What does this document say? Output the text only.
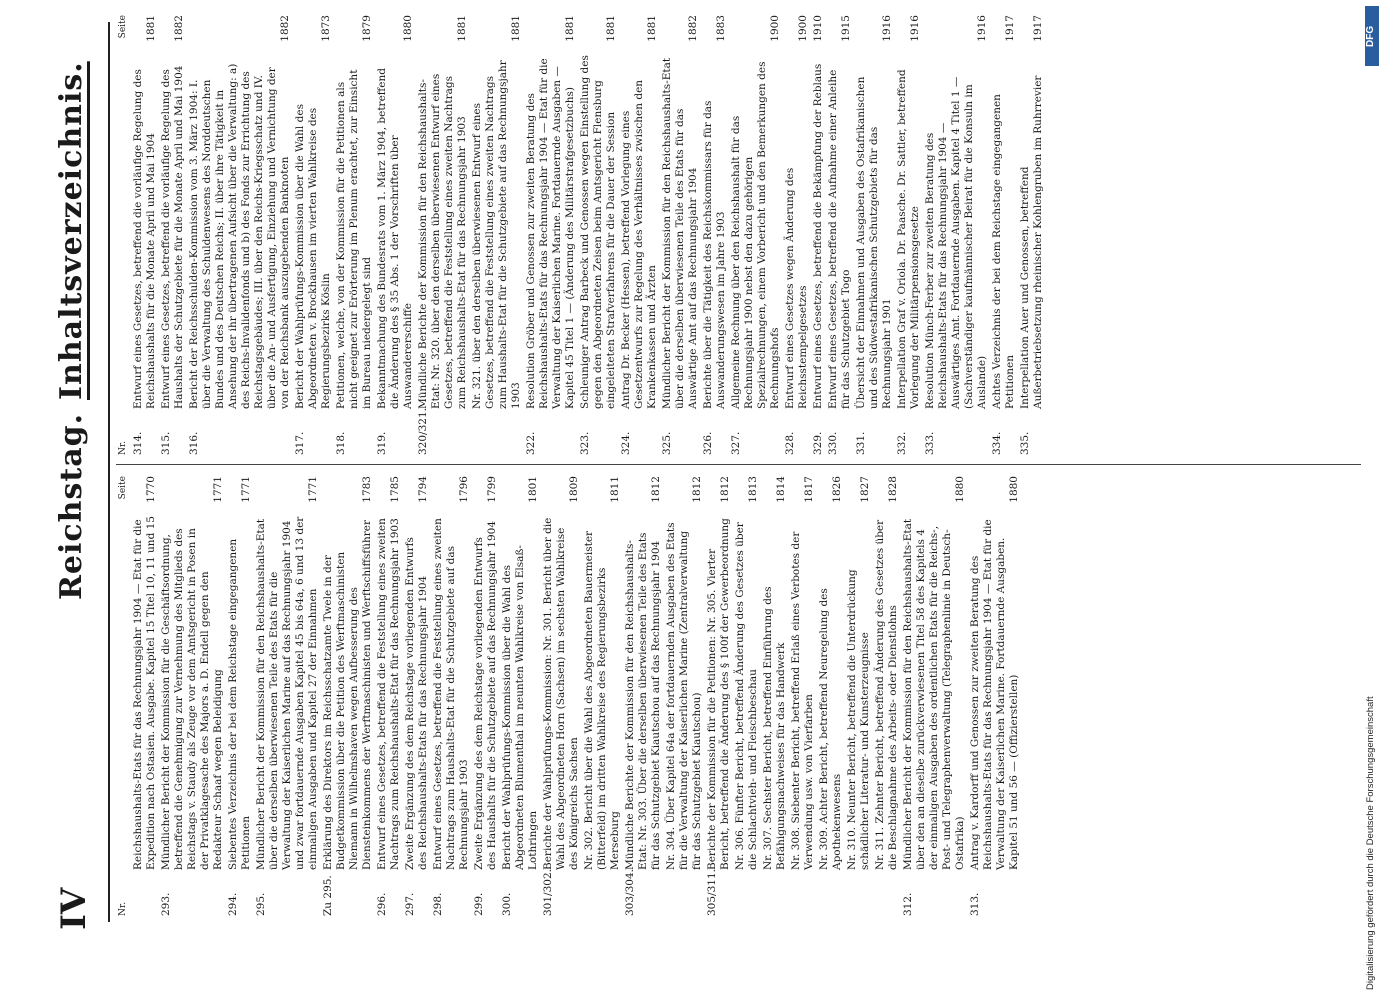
IV
Reichstag.
Inhaltsverzeichnis.
Nr.
Seite
Reichshaushalts-Etats für das Rechnungsjahr 1904 — Etat für die Expedition nach Ostasien. Ausgabe. Kapitel 15 Titel 10, 11 und 15
1770
293.
Mündlicher Bericht der Kommission für die Geschäftsordnung, betreffend die Genehmigung zur Vernehmung des Mitglieds des Reichstags v. Staudy als Zeuge vor dem Amtsgericht in Posen in der Privatklagesache des Majors a. D. Endell gegen den Redakteur Schaaf wegen Beleidigung
1771
294.
Siebentes Verzeichnis der bei dem Reichstage eingegangenen Petitionen
1771
295.
Mündlicher Bericht der Kommission für den Reichshaushalts-Etat über die derselben überwiesenen Teile des Etats für die Verwaltung der Kaiserlichen Marine auf das Rechnungsjahr 1904 und zwar fortdauernde Ausgaben Kapitel 45 bis 64a, 6 und 13 der einmaligen Ausgaben und Kapitel 27 der Einnahmen
1771
Zu 295.
Erklärung des Direktors im Reichsschatzamte Twele in der Budgetkommission über die Petition des Werftmaschinisten Niemann in Wilhelmshaven wegen Aufbesserung des Diensteinkommens der Werftmaschinisten und Werftschiffsführer
1783
296.
Entwurf eines Gesetzes, betreffend die Feststellung eines zweiten Nachtrags zum Reichshaushalts-Etat für das Rechnungsjahr 1903
1785
297.
Zweite Ergänzung des dem Reichstage vorliegenden Entwurfs des Reichshaushalts-Etats für das Rechnungsjahr 1904
1794
298.
Entwurf eines Gesetzes, betreffend die Feststellung eines zweiten Nachtrags zum Haushalts-Etat für die Schutzgebiete auf das Rechnungsjahr 1903
1796
299.
Zweite Ergänzung des dem Reichstage vorliegenden Entwurfs des Haushalts für die Schutzgebiete auf das Rechnungsjahr 1904
1799
300.
Bericht der Wahlprüfungs-Kommission über die Wahl des Abgeordneten Blumenthal im neunten Wahlkreise von Elsaß-Lothringen
1801
301/302.
Berichte der Wahlprüfungs-Kommission: Nr. 301. Bericht über die Wahl des Abgeordneten Horn (Sachsen) im sechsten Wahlkreise des Königreichs Sachsen
1809
Nr. 302. Bericht über die Wahl des Abgeordneten Bauermeister (Bitterfeld) im dritten Wahlkreise des Regierungsbezirks Merseburg
1811
303/304.
Mündliche Berichte der Kommission für den Reichshaushalts-Etat: Nr. 303. Über die derselben überwiesenen Teile des Etats für das Schutzgebiet Kiautschou auf das Rechnungsjahr 1904
1812
Nr. 304. Über Kapitel 64a der fortdauernden Ausgaben des Etats für die Verwaltung der Kaiserlichen Marine (Zentralverwaltung für das Schutzgebiet Kiautschou)
1812
305/311.
Berichte der Kommission für die Petitionen: Nr. 305. Vierter Bericht, betreffend die Änderung des § 100f der Gewerbeordnung
1812
Nr. 306. Fünfter Bericht, betreffend Änderung des Gesetzes über die Schlachtvieh- und Fleischbeschau
1813
Nr. 307. Sechster Bericht, betreffend Einführung des Befähigungsnachweises für das Handwerk
1814
Nr. 308. Siebenter Bericht, betreffend Erlaß eines Verbotes der Verwendung usw. von Vierfarben
1817
Nr. 309. Achter Bericht, betreffend Neuregelung des Apothekenwesens
1826
Nr. 310. Neunter Bericht, betreffend die Unterdrückung schädlicher Literatur- und Kunsterzeugnisse
1827
Nr. 311. Zehnter Bericht, betreffend Änderung des Gesetzes über die Beschlagnahme des Arbeits- oder Dienstlohns
1828
312.
Mündlicher Bericht der Kommission für den Reichshaushalts-Etat über den an dieselbe zurückverwiesenen Titel 58 des Kapitels 4 der einmaligen Ausgaben des ordentlichen Etats für die Reichs-, Post- und Telegraphenverwaltung (Telegraphenlinie in Deutsch-Ostafrika)
1880
313.
Antrag v. Kardorff und Genossen zur zweiten Beratung des Reichshaushalts-Etats für das Rechnungsjahr 1904 — Etat für die Verwaltung der Kaiserlichen Marine. Fortdauernde Ausgaben. Kapitel 51 und 56 — (Offizierstellen)
1880
Nr.
Seite
314.
Entwurf eines Gesetzes, betreffend die vorläufige Regelung des Reichshaushalts für die Monate April und Mai 1904
1881
315.
Entwurf eines Gesetzes, betreffend die vorläufige Regelung des Haushalts der Schutzgebiete für die Monate April und Mai 1904
1882
316.
Bericht der Reichsschulden-Kommission vom 3. März 1904: I. über die Verwaltung des Schuldenwesens des Norddeutschen Bundes und des Deutschen Reichs; II. über ihre Tätigkeit in Ansehung der ihr übertragenen Aufsicht über die Verwaltung: a) des Reichs-Invalidenfonds und b) des Fonds zur Errichtung des Reichstagsgebäudes; III. über den Reichs-Kriegsschatz und IV. über die An- und Ausfertigung, Einziehung und Vernichtung der von der Reichsbank auszugebenden Banknoten
1882
317.
Bericht der Wahlprüfungs-Kommission über die Wahl des Abgeordneten v. Brockhausen im vierten Wahlkreise des Regierungsbezirks Köslin
1873
318.
Petitionen, welche, von der Kommission für die Petitionen als nicht geeignet zur Erörterung im Plenum erachtet, zur Einsicht im Bureau niedergelegt sind
1879
319.
Bekanntmachung des Bundesrats vom 1. März 1904, betreffend die Änderung des § 35 Abs. 1 der Vorschriften über Auswandererschiffe
1880
320/321.
Mündliche Berichte der Kommission für den Reichshaushalts-Etat: Nr. 320. über den derselben überwiesenen Entwurf eines Gesetzes, betreffend die Feststellung eines zweiten Nachtrags zum Reichshaushalts-Etat für das Rechnungsjahr 1903
1881
Nr. 321. über den derselben überwiesenen Entwurf eines Gesetzes, betreffend die Feststellung eines zweiten Nachtrags zum Haushalts-Etat für die Schutzgebiete auf das Rechnungsjahr 1903
1881
322.
Resolution Gröber und Genossen zur zweiten Beratung des Reichshaushalts-Etats für das Rechnungsjahr 1904 — Etat für die Verwaltung der Kaiserlichen Marine. Fortdauernde Ausgaben — Kapitel 45 Titel 1 — (Änderung des Militärstrafgesetzbuchs)
1881
323.
Schleuniger Antrag Barbeck und Genossen wegen Einstellung des gegen den Abgeordneten Zeisen beim Amtsgericht Flensburg eingeleiteten Strafverfahrens für die Dauer der Session
1881
324.
Antrag Dr. Becker (Hessen), betreffend Vorlegung eines Gesetzentwurfs zur Regelung des Verhältnisses zwischen den Krankenkassen und Ärzten
1881
325.
Mündlicher Bericht der Kommission für den Reichshaushalts-Etat über die derselben überwiesenen Teile des Etats für das Auswärtige Amt auf das Rechnungsjahr 1904
1882
326.
Berichte über die Tätigkeit des Reichskommissars für das Auswanderungswesen im Jahre 1903
1883
327.
Allgemeine Rechnung über den Reichshaushalt für das Rechnungsjahr 1900 nebst den dazu gehörigen Spezialrechnungen, einem Vorbericht und den Bemerkungen des Rechnungshofs
1900
328.
Entwurf eines Gesetzes wegen Änderung des Reichsstempelgesetzes
1900
329.
Entwurf eines Gesetzes, betreffend die Bekämpfung der Reblaus
1910
330.
Entwurf eines Gesetzes, betreffend die Aufnahme einer Anleihe für das Schutzgebiet Togo
1915
331.
Übersicht der Einnahmen und Ausgaben des Ostafrikanischen und des Südwestafrikanischen Schutzgebiets für das Rechnungsjahr 1901
1916
332.
Interpellation Graf v. Oriola. Dr. Paasche. Dr. Sattler, betreffend Vorlegung der Militärpensionsgesetze
1916
333.
Resolution Münch-Ferber zur zweiten Beratung des Reichshaushalts-Etats für das Rechnungsjahr 1904 — Auswärtiges Amt. Fortdauernde Ausgaben. Kapitel 4 Titel 1 — (Sachverständiger kaufmännischer Beirat für die Konsuln im Auslande)
1916
334.
Achtes Verzeichnis der bei dem Reichstage eingegangenen Petitionen
1917
335.
Interpellation Auer und Genossen, betreffend Außerbetriebsetzung rheinischer Kohlengruben im Ruhrrevier
1917	DFG
Digitalisierung gefördert durch die Deutsche Forschungsgemeinschaft
